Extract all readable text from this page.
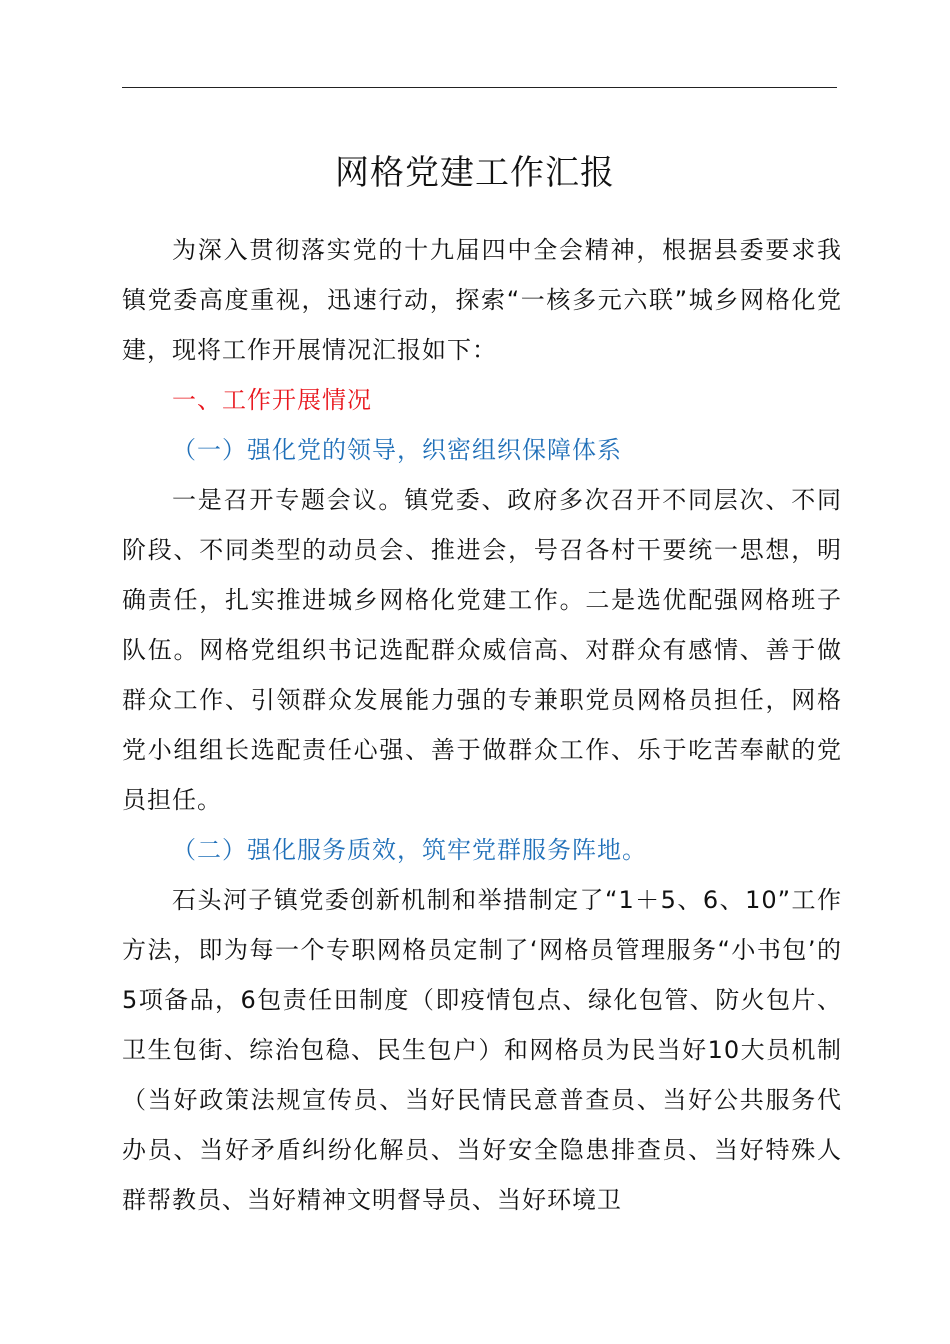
网格党建工作汇报

为深入贯彻落实党的十九届四中全会精神，根据县委要求我镇党委高度重视，迅速行动，探索“一核多元六联”城乡网格化党建，现将工作开展情况汇报如下：

一、工作开展情况

（一）强化党的领导，织密组织保障体系

一是召开专题会议。镇党委、政府多次召开不同层次、不同阶段、不同类型的动员会、推进会，号召各村干要统一思想，明确责任，扎实推进城乡网格化党建工作。二是选优配强网格班子队伍。网格党组织书记选配群众威信高、对群众有感情、善于做群众工作、引领群众发展能力强的专兼职党员网格员担任，网格党小组组长选配责任心强、善于做群众工作、乐于吃苦奉献的党员担任。

（二）强化服务质效，筑牢党群服务阵地。

石头河子镇党委创新机制和举措制定了“1＋5、6、10”工作方法，即为每一个专职网格员定制了‘网格员管理服务“小书包’的5项备品，6包责任田制度（即疫情包点、绿化包管、防火包片、卫生包街、综治包稳、民生包户）和网格员为民当好10大员机制（当好政策法规宣传员、当好民情民意普查员、当好公共服务代办员、当好矛盾纠纷化解员、当好安全隐患排查员、当好特殊人群帮教员、当好精神文明督导员、当好环境卫
